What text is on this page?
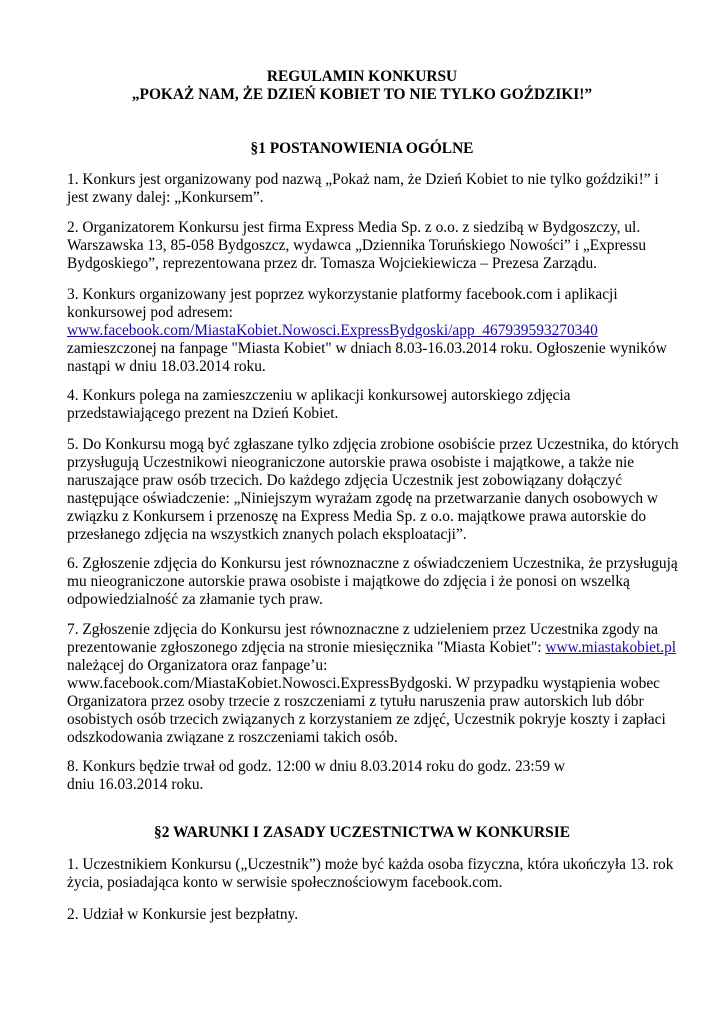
REGULAMIN KONKURSU
„POKAŻ NAM, ŻE DZIEŃ KOBIET TO NIE TYLKO GOŹDZIKI!”
§1 POSTANOWIENIA OGÓLNE
1. Konkurs jest organizowany pod nazwą „Pokaż nam, że Dzień Kobiet to nie tylko goździki!” i
jest zwany dalej: „Konkursem”.
2. Organizatorem Konkursu jest firma Express Media Sp. z o.o. z siedzibą w Bydgoszczy, ul.
Warszawska 13, 85-058 Bydgoszcz, wydawca „Dziennika Toruńskiego Nowości” i „Expressu
Bydgoskiego”, reprezentowana przez dr. Tomasza Wojciekiewicza – Prezesa Zarządu.
3. Konkurs organizowany jest poprzez wykorzystanie platformy facebook.com i aplikacji
konkursowej pod adresem:
www.facebook.com/MiastaKobiet.Nowosci.ExpressBydgoski/app_467939593270340
zamieszczonej na fanpage "Miasta Kobiet" w dniach 8.03-16.03.2014 roku. Ogłoszenie wyników
nastąpi w dniu 18.03.2014 roku.
4. Konkurs polega na zamieszczeniu w aplikacji konkursowej autorskiego zdjęcia
przedstawiającego prezent na Dzień Kobiet.
5. Do Konkursu mogą być zgłaszane tylko zdjęcia zrobione osobiście przez Uczestnika, do których
przysługują Uczestnikowi nieograniczone autorskie prawa osobiste i majątkowe, a także nie
naruszające praw osób trzecich. Do każdego zdjęcia Uczestnik jest zobowiązany dołączyć
następujące oświadczenie: „Niniejszym wyrażam zgodę na przetwarzanie danych osobowych w
związku z Konkursem i przenoszę na Express Media Sp. z o.o. majątkowe prawa autorskie do
przesłanego zdjęcia na wszystkich znanych polach eksploatacji”.
6. Zgłoszenie zdjęcia do Konkursu jest równoznaczne z oświadczeniem Uczestnika, że przysługują
mu nieograniczone autorskie prawa osobiste i majątkowe do zdjęcia i że ponosi on wszelką
odpowiedzialność za złamanie tych praw.
7. Zgłoszenie zdjęcia do Konkursu jest równoznaczne z udzieleniem przez Uczestnika zgody na
prezentowanie zgłoszonego zdjęcia na stronie miesięcznika "Miasta Kobiet": www.miastakobiet.pl
należącej do Organizatora oraz fanpage’u:
www.facebook.com/MiastaKobiet.Nowosci.ExpressBydgoski. W przypadku wystąpienia wobec
Organizatora przez osoby trzecie z roszczeniami z tytułu naruszenia praw autorskich lub dóbr
osobistych osób trzecich związanych z korzystaniem ze zdjęć, Uczestnik pokryje koszty i zapłaci
odszkodowania związane z roszczeniami takich osób.
8. Konkurs będzie trwał od godz. 12:00 w dniu 8.03.2014 roku do godz. 23:59 w
dniu 16.03.2014 roku.
§2 WARUNKI I ZASADY UCZESTNICTWA W KONKURSIE
1. Uczestnikiem Konkursu („Uczestnik”) może być każda osoba fizyczna, która ukończyła 13. rok
życia, posiadająca konto w serwisie społecznościowym facebook.com.
2. Udział w Konkursie jest bezpłatny.
